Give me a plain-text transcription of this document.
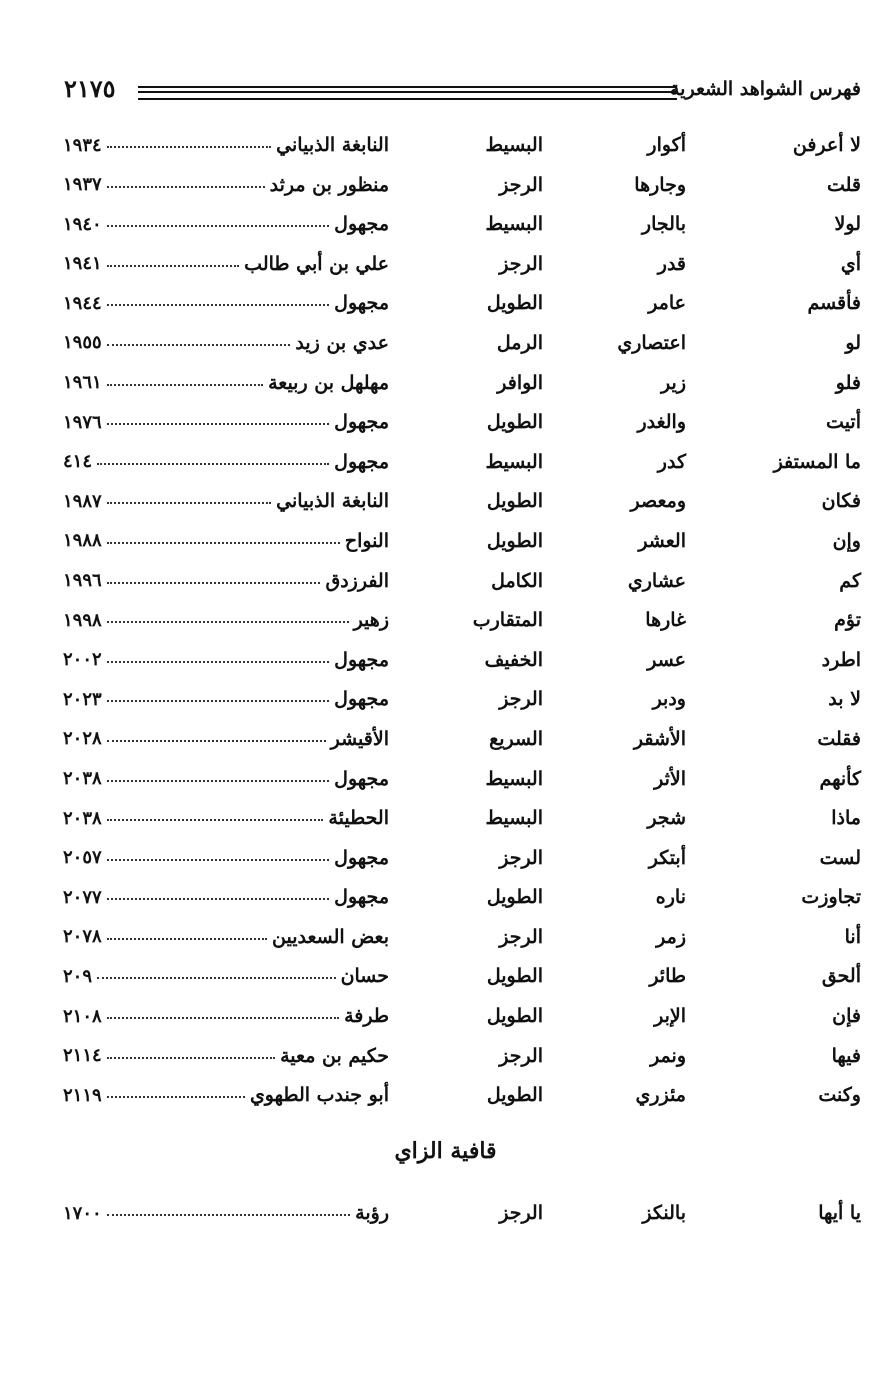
فهرس الشواهد الشعرية
٢١٧٥
لا أعرفن
أكوار
البسيط
النابغة الذبياني
١٩٣٤
قلت
وجارها
الرجز
منظور بن مرثد
١٩٣٧
لولا
بالجار
البسيط
مجهول
١٩٤٠
أي
قدر
الرجز
علي بن أبي طالب
١٩٤١
فأقسم
عامر
الطويل
مجهول
١٩٤٤
لو
اعتصاري
الرمل
عدي بن زيد
١٩٥٥
فلو
زير
الوافر
مهلهل بن ربيعة
١٩٦١
أتيت
والغدر
الطويل
مجهول
١٩٧٦
ما المستفز
كدر
البسيط
مجهول
٤١٤
فكان
ومعصر
الطويل
النابغة الذبياني
١٩٨٧
وإن
العشر
الطويل
النواح
١٩٨٨
كم
عشاري
الكامل
الفرزدق
١٩٩٦
تؤم
غارها
المتقارب
زهير
١٩٩٨
اطرد
عسر
الخفيف
مجهول
٢٠٠٢
لا بد
ودبر
الرجز
مجهول
٢٠٢٣
فقلت
الأشقر
السريع
الأقيشر
٢٠٢٨
كأنهم
الأثر
البسيط
مجهول
٢٠٣٨
ماذا
شجر
البسيط
الحطيئة
٢٠٣٨
لست
أبتكر
الرجز
مجهول
٢٠٥٧
تجاوزت
ناره
الطويل
مجهول
٢٠٧٧
أنا
زمر
الرجز
بعض السعديين
٢٠٧٨
ألحق
طائر
الطويل
حسان
٢٠٩
فإن
الإبر
الطويل
طرفة
٢١٠٨
فيها
ونمر
الرجز
حكيم بن معية
٢١١٤
وكنت
مئزري
الطويل
أبو جندب الطهوي
٢١١٩
قافية الزاي
يا أيها
بالنكز
الرجز
رؤبة
١٧٠٠
